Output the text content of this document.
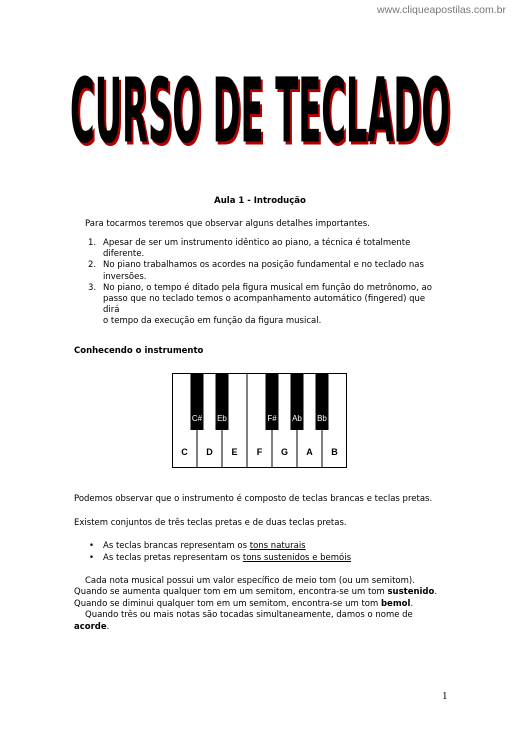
www.cliqueapostilas.com.br
CURSO DE TECLADO
CURSO DE TECLADO
Aula 1 - Introdução
Para tocarmos teremos que observar alguns detalhes importantes.
1. Apesar de ser um instrumento idêntico ao piano, a técnica é totalmente
diferente.
2. No piano trabalhamos os acordes na posição fundamental e no teclado nas
inversões.
3. No piano, o tempo é ditado pela figura musical em função do metrônomo, ao
passo que no teclado temos o acompanhamento automático (fingered) que dirá
o tempo da execução em função da figura musical.
Conhecendo o instrumento
C D E F G A B
C# Eb	F# Ab Bb
Podemos observar que o instrumento é composto de teclas brancas e teclas pretas.
Existem conjuntos de três teclas pretas e de duas teclas pretas.
• As teclas brancas representam os tons naturais
• As teclas pretas representam os tons sustenidos e bemóis
Cada nota musical possui um valor específico de meio tom (ou um semitom).
Quando se aumenta qualquer tom em um semitom, encontra-se um tom sustenido.
Quando se diminui qualquer tom em um semitom, encontra-se um tom bemol.
Quando três ou mais notas são tocadas simultaneamente, damos o nome de
acorde.
1
